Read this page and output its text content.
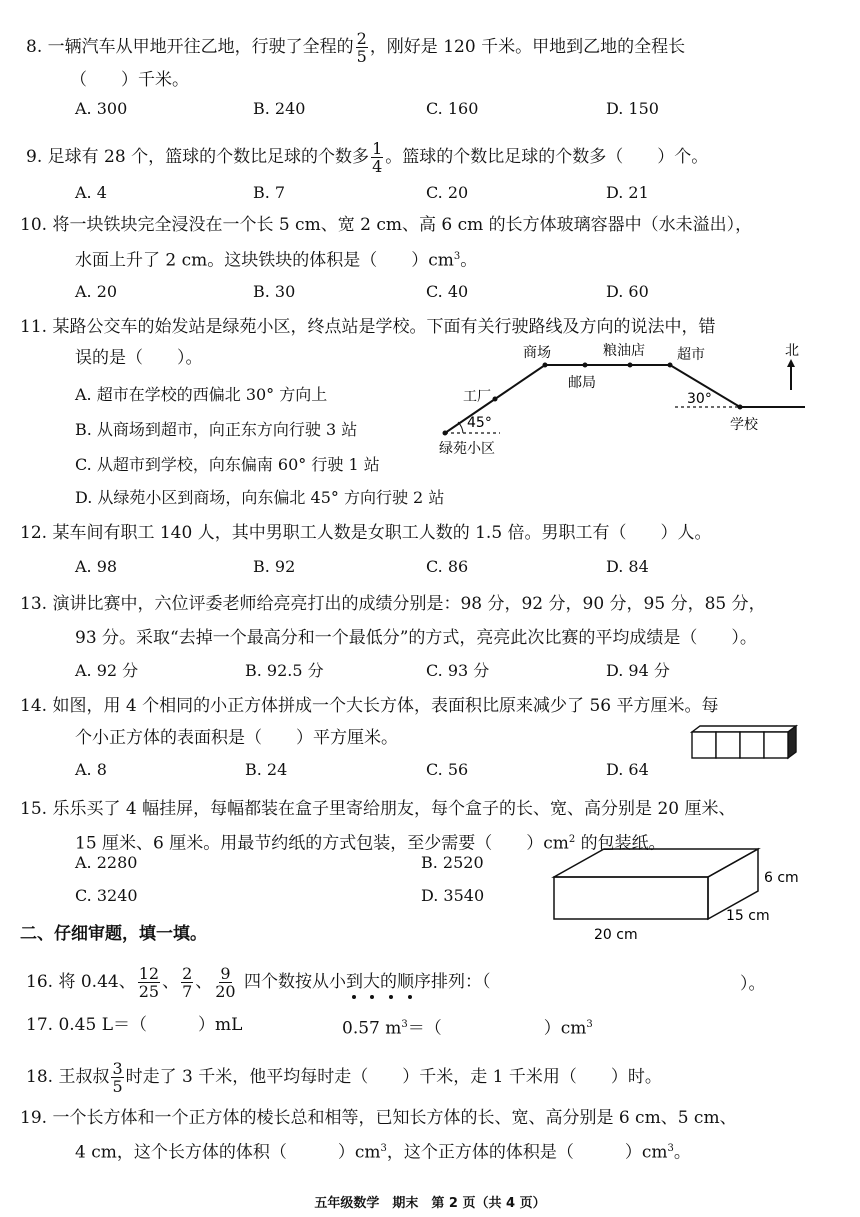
8. 一辆汽车从甲地开往乙地，行驶了全程的 $\frac{2}{5}$ ，刚好是 120 千米。甲地到乙地的全程长
（　　）千米。
A. 300	B. 240	C. 160	D. 150
9. 足球有 28 个，篮球的个数比足球的个数多 $\frac{1}{4}$ 。篮球的个数比足球的个数多（　　）个。
A. 4	B. 7	C. 20	D. 21
10. 将一块铁块完全浸没在一个长 5 cm、宽 2 cm、高 6 cm 的长方体玻璃容器中（水未溢出），
水面上升了 2 cm。这块铁块的体积是（　　）$cm^3$。
A. 20	B. 30	C. 40	D. 60
11. 某路公交车的始发站是绿苑小区，终点站是学校。下面有关行驶路线及方向的说法中，错
误的是（　　）。
A. 超市在学校的西偏北 30° 方向上
B. 从商场到超市，向正东方向行驶 3 站
C. 从超市到学校，向东偏南 60° 行驶 1 站
D. 从绿苑小区到商场，向东偏北 45° 方向行驶 2 站
商场	粮油店 超市
邮局
工厂
绿苑小区
学校
北
45°
30°
12. 某车间有职工 140 人，其中男职工人数是女职工人数的 1.5 倍。男职工有（　　）人。
A. 98	B. 92	C. 86	D. 84
13. 演讲比赛中，六位评委老师给亮亮打出的成绩分别是：98 分，92 分，90 分，95 分，85 分，
93 分。采取“去掉一个最高分和一个最低分”的方式，亮亮此次比赛的平均成绩是（　　）。
A. 92 分	B. 92.5 分	C. 93 分	D. 94 分
14. 如图，用 4 个相同的小正方体拼成一个大长方体，表面积比原来减少了 56 平方厘米。每
个小正方体的表面积是（　　）平方厘米。
A. 8	B. 24	C. 56	D. 64
15. 乐乐买了 4 幅挂屏，每幅都装在盒子里寄给朋友，每个盒子的长、宽、高分别是 20 厘米、
15 厘米、6 厘米。用最节约纸的方式包装，至少需要（　　）$cm^2$ 的包装纸。
A. 2280	B. 2520
C. 3240	D. 3540
6 cm
15 cm
20 cm
二、仔细审题，填一填。
16. 将 0.44、 $\frac{12}{25}$ 、 $\frac{2}{7}$ 、 $\frac{9}{20}$ 四个数按从小到大的顺序排列：（	）。
17. 0.45 L＝（　　　）mL	0.57 $m^3=$（　　　　　　）$cm^3$
18. 王叔叔 $\frac{3}{5}$ 时走了 3 千米，他平均每时走（　　）千米，走 1 千米用（　　）时。
19. 一个长方体和一个正方体的棱长总和相等，已知长方体的长、宽、高分别是 6 cm、5 cm、
4 cm，这个长方体的体积（　　　）$cm^3$，这个正方体的体积是（　　　）$cm^3$。
五年级数学　期末　第 2 页（共 4 页）
